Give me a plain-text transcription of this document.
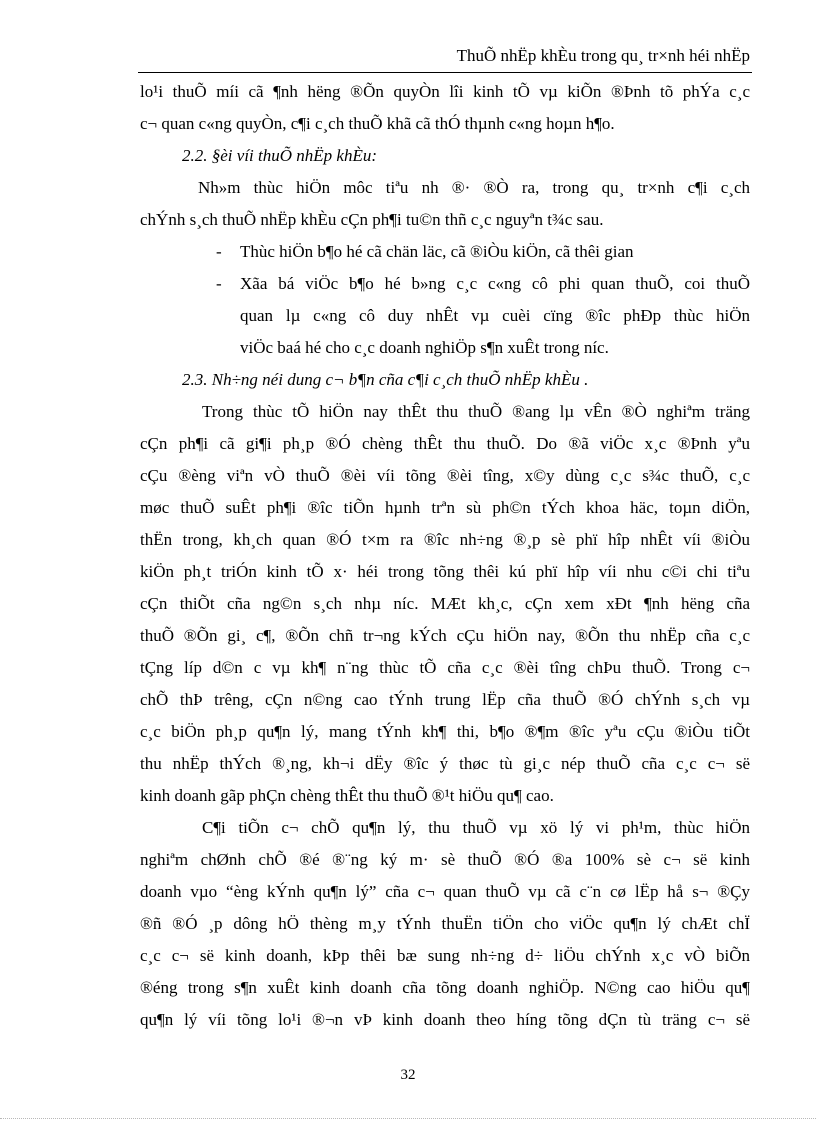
ThuÕ nhËp khÈu trong qu¸ tr×nh héi nhËp
lo¹i thuÕ míi cã ¶nh hëng ®Õn quyÒn lîi kinh tÕ vµ kiÕn ®Þnh tõ phÝa c¸c
c¬ quan c«ng quyÒn, c¶i c¸ch thuÕ khã cã thÓ thµnh c«ng hoµn h¶o.
2.2. §èi víi thuÕ nhËp khÈu:
Nh»m thùc hiÖn môc tiªu nh ®· ®Ò ra, trong qu¸ tr×nh c¶i c¸ch
chÝnh s¸ch thuÕ nhËp khÈu cÇn ph¶i tu©n thñ c¸c nguyªn t¾c sau.
- Thùc hiÖn b¶o hé cã chän läc, cã ®iÒu kiÖn, cã thêi gian
- Xãa bá viÖc b¶o hé b»ng c¸c c«ng cô phi quan thuÕ, coi thuÕ
quan lµ c«ng cô duy nhÊt vµ cuèi cïng ®îc phÐp thùc hiÖn
viÖc baá hé cho c¸c doanh nghiÖp s¶n xuÊt trong níc.
2.3. Nh÷ng néi dung c¬ b¶n cña c¶i c¸ch thuÕ nhËp khÈu .
Trong thùc tÕ hiÖn nay thÊt thu thuÕ ®ang lµ vÊn ®Ò nghiªm träng
cÇn ph¶i cã gi¶i ph¸p ®Ó chèng thÊt thu thuÕ. Do ®ã viÖc x¸c ®Þnh yªu
cÇu ®èng viªn vÒ thuÕ ®èi víi tõng ®èi tîng, x©y dùng c¸c s¾c thuÕ, c¸c
møc thuÕ suÊt ph¶i ®îc tiÕn hµnh trªn sù ph©n tÝch khoa häc, toµn diÖn,
thËn trong, kh¸ch quan ®Ó t×m ra ®îc nh÷ng ®¸p sè phï hîp nhÊt víi ®iÒu
kiÖn ph¸t triÓn kinh tÕ x· héi trong tõng thêi kú phï hîp víi nhu c©i chi tiªu
cÇn thiÕt cña ng©n s¸ch nhµ níc. MÆt kh¸c, cÇn xem xÐt ¶nh hëng cña
thuÕ ®Õn gi¸ c¶, ®Õn chñ tr¬ng kÝch cÇu hiÖn nay, ®Õn thu nhËp cña c¸c
tÇng líp d©n c vµ kh¶ n¨ng thùc tÕ cña c¸c ®èi tîng chÞu thuÕ. Trong c¬
chÕ thÞ trêng, cÇn n©ng cao tÝnh trung lËp cña thuÕ ®Ó chÝnh s¸ch vµ
c¸c biÖn ph¸p qu¶n lý, mang tÝnh kh¶ thi, b¶o ®¶m ®îc yªu cÇu ®iÒu tiÕt
thu nhËp thÝch ®¸ng, kh¬i dËy ®îc ý thøc tù gi¸c nép thuÕ cña c¸c c¬ së
kinh doanh gãp phÇn chèng thÊt thu thuÕ ®¹t hiÖu qu¶ cao.
C¶i tiÕn c¬ chÕ qu¶n lý, thu thuÕ vµ xö lý vi ph¹m, thùc hiÖn
nghiªm chØnh chÕ ®é ®¨ng ký m· sè thuÕ ®Ó ®a 100% sè c¬ së kinh
doanh vµo “èng kÝnh qu¶n lý” cña c¬ quan thuÕ vµ cã c¨n cø lËp hå s¬ ®Çy
®ñ ®Ó ¸p dông hÖ thèng m¸y tÝnh thuËn tiÖn cho viÖc qu¶n lý chÆt chÏ
c¸c c¬ së kinh doanh, kÞp thêi bæ sung nh÷ng d÷ liÖu chÝnh x¸c vÒ biÕn
®éng trong s¶n xuÊt kinh doanh cña tõng doanh nghiÖp. N©ng cao hiÖu qu¶
qu¶n lý víi tõng lo¹i ®¬n vÞ kinh doanh theo híng tõng dÇn tù träng c¬ së
32
